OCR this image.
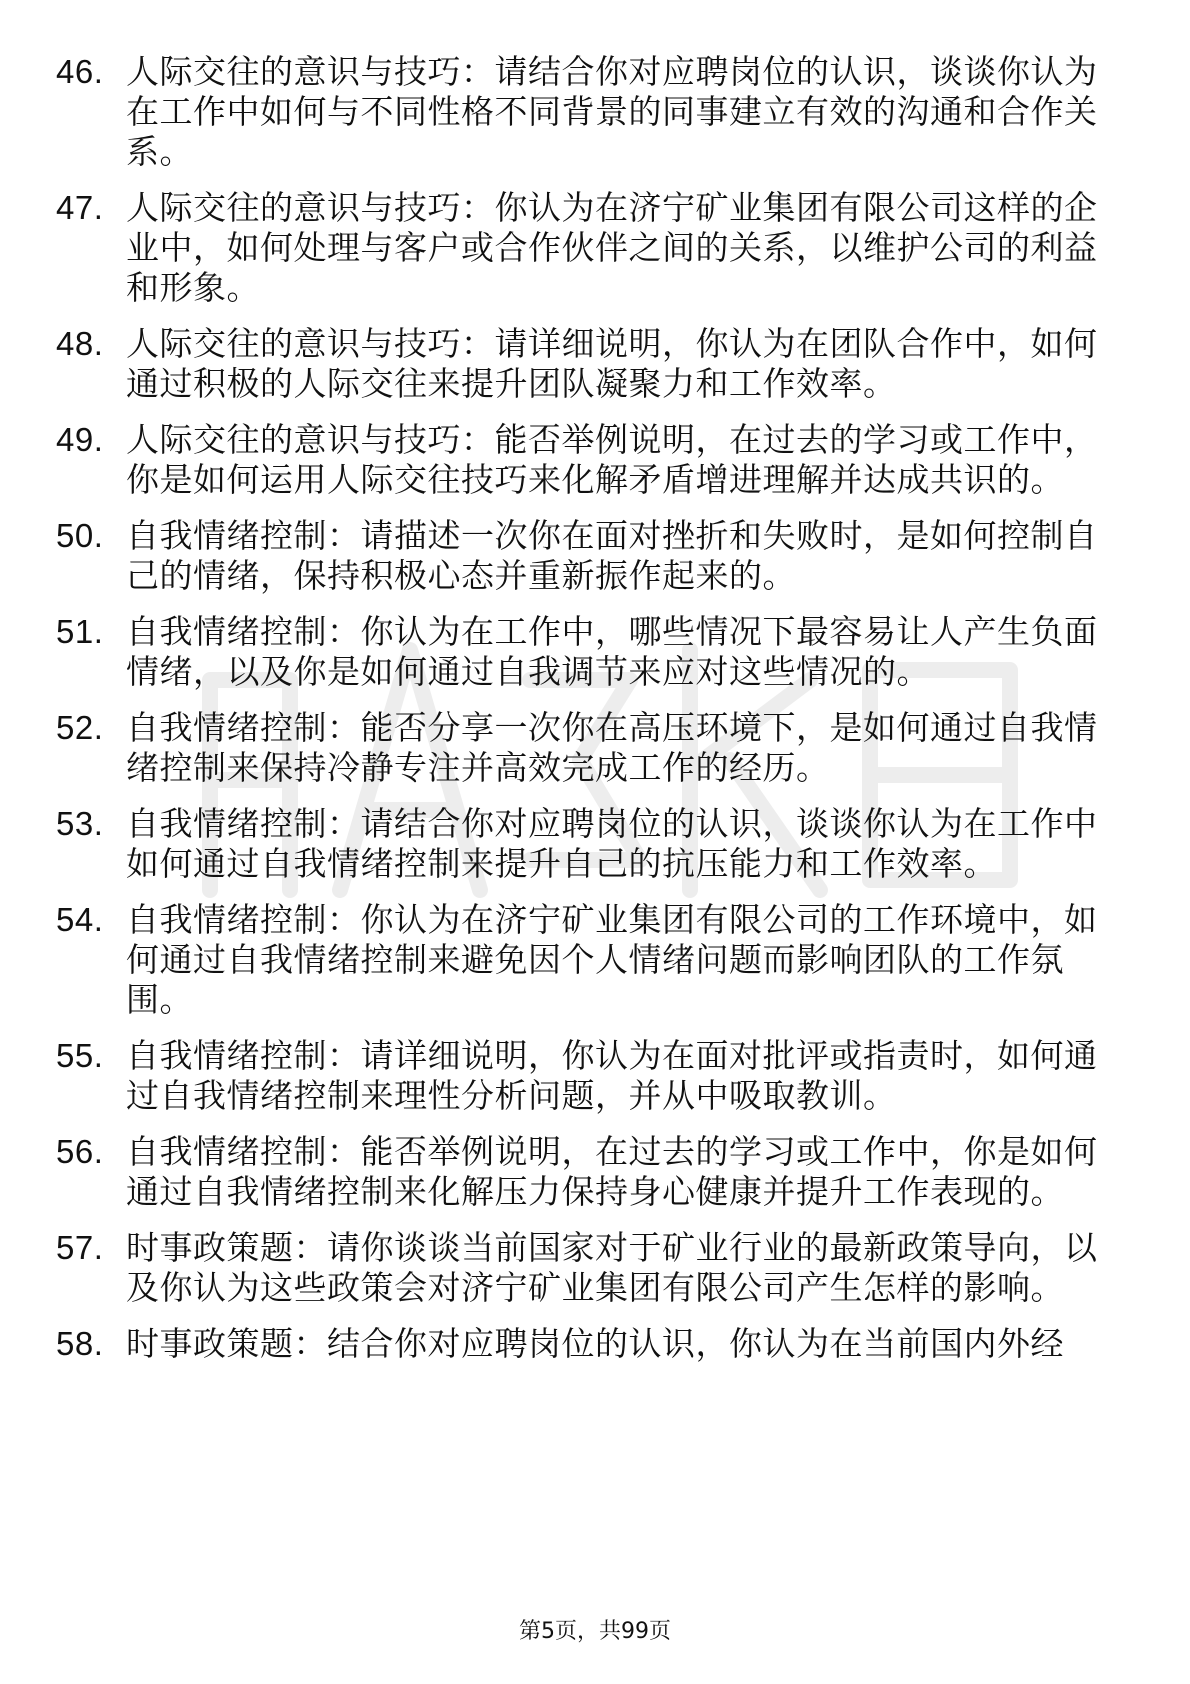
46. 人际交往的意识与技巧：请结合你对应聘岗位的认识，谈谈你认为在工作中如何与不同性格不同背景的同事建立有效的沟通和合作关系。
47. 人际交往的意识与技巧：你认为在济宁矿业集团有限公司这样的企业中，如何处理与客户或合作伙伴之间的关系，以维护公司的利益和形象。
48. 人际交往的意识与技巧：请详细说明，你认为在团队合作中，如何通过积极的人际交往来提升团队凝聚力和工作效率。
49. 人际交往的意识与技巧：能否举例说明，在过去的学习或工作中，你是如何运用人际交往技巧来化解矛盾增进理解并达成共识的。
50. 自我情绪控制：请描述一次你在面对挫折和失败时，是如何控制自己的情绪，保持积极心态并重新振作起来的。
51. 自我情绪控制：你认为在工作中，哪些情况下最容易让人产生负面情绪，以及你是如何通过自我调节来应对这些情况的。
52. 自我情绪控制：能否分享一次你在高压环境下，是如何通过自我情绪控制来保持冷静专注并高效完成工作的经历。
53. 自我情绪控制：请结合你对应聘岗位的认识，谈谈你认为在工作中如何通过自我情绪控制来提升自己的抗压能力和工作效率。
54. 自我情绪控制：你认为在济宁矿业集团有限公司的工作环境中，如何通过自我情绪控制来避免因个人情绪问题而影响团队的工作氛围。
55. 自我情绪控制：请详细说明，你认为在面对批评或指责时，如何通过自我情绪控制来理性分析问题，并从中吸取教训。
56. 自我情绪控制：能否举例说明，在过去的学习或工作中，你是如何通过自我情绪控制来化解压力保持身心健康并提升工作表现的。
57. 时事政策题：请你谈谈当前国家对于矿业行业的最新政策导向，以及你认为这些政策会对济宁矿业集团有限公司产生怎样的影响。
58. 时事政策题：结合你对应聘岗位的认识，你认为在当前国内外经
第5页，共99页
